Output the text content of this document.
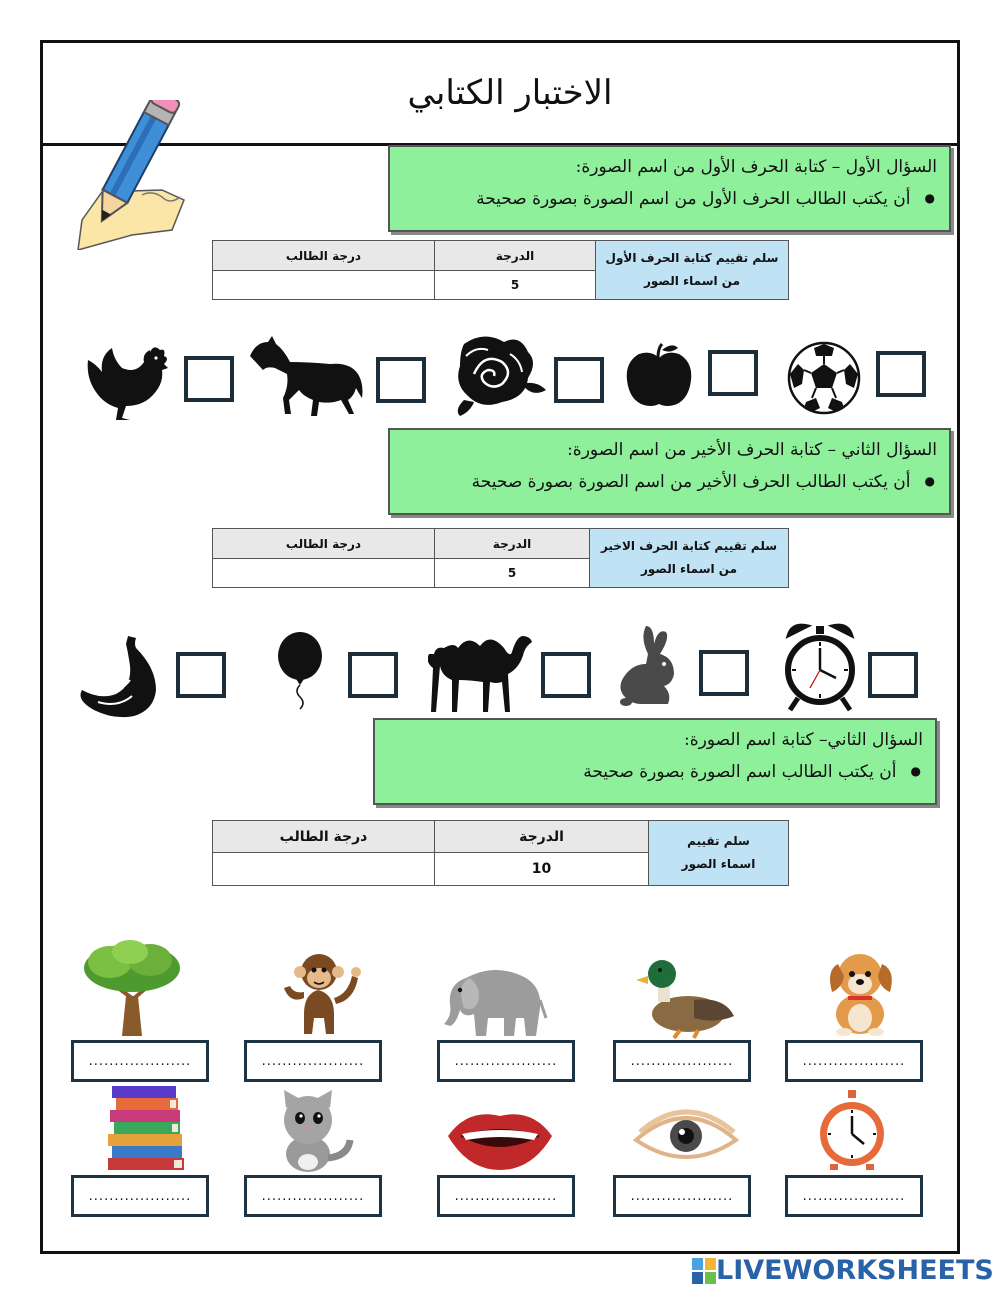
الاختبار الكتابي
السؤال الأول – كتابة الحرف الأول من اسم الصورة:
● أن يكتب الطالب الحرف الأول من اسم الصورة بصورة صحيحة
سلم تقييم كتابة الحرف الأول
من اسماء الصور	الدرجة	درجة الطالب
	5	
السؤال الثاني – كتابة الحرف الأخير من اسم الصورة:
● أن يكتب الطالب الحرف الأخير من اسم الصورة بصورة صحيحة
سلم تقييم كتابة الحرف الاخير
من اسماء الصور	الدرجة	درجة الطالب
	5	
السؤال الثاني– كتابة اسم الصورة:
● أن يكتب الطالب اسم الصورة بصورة صحيحة
سلم تقييم
اسماء الصور	الدرجة	درجة الطالب
	10	
....................	....................	....................	....................	....................
....................	....................	....................	....................	....................
LIVEWORKSHEETS
